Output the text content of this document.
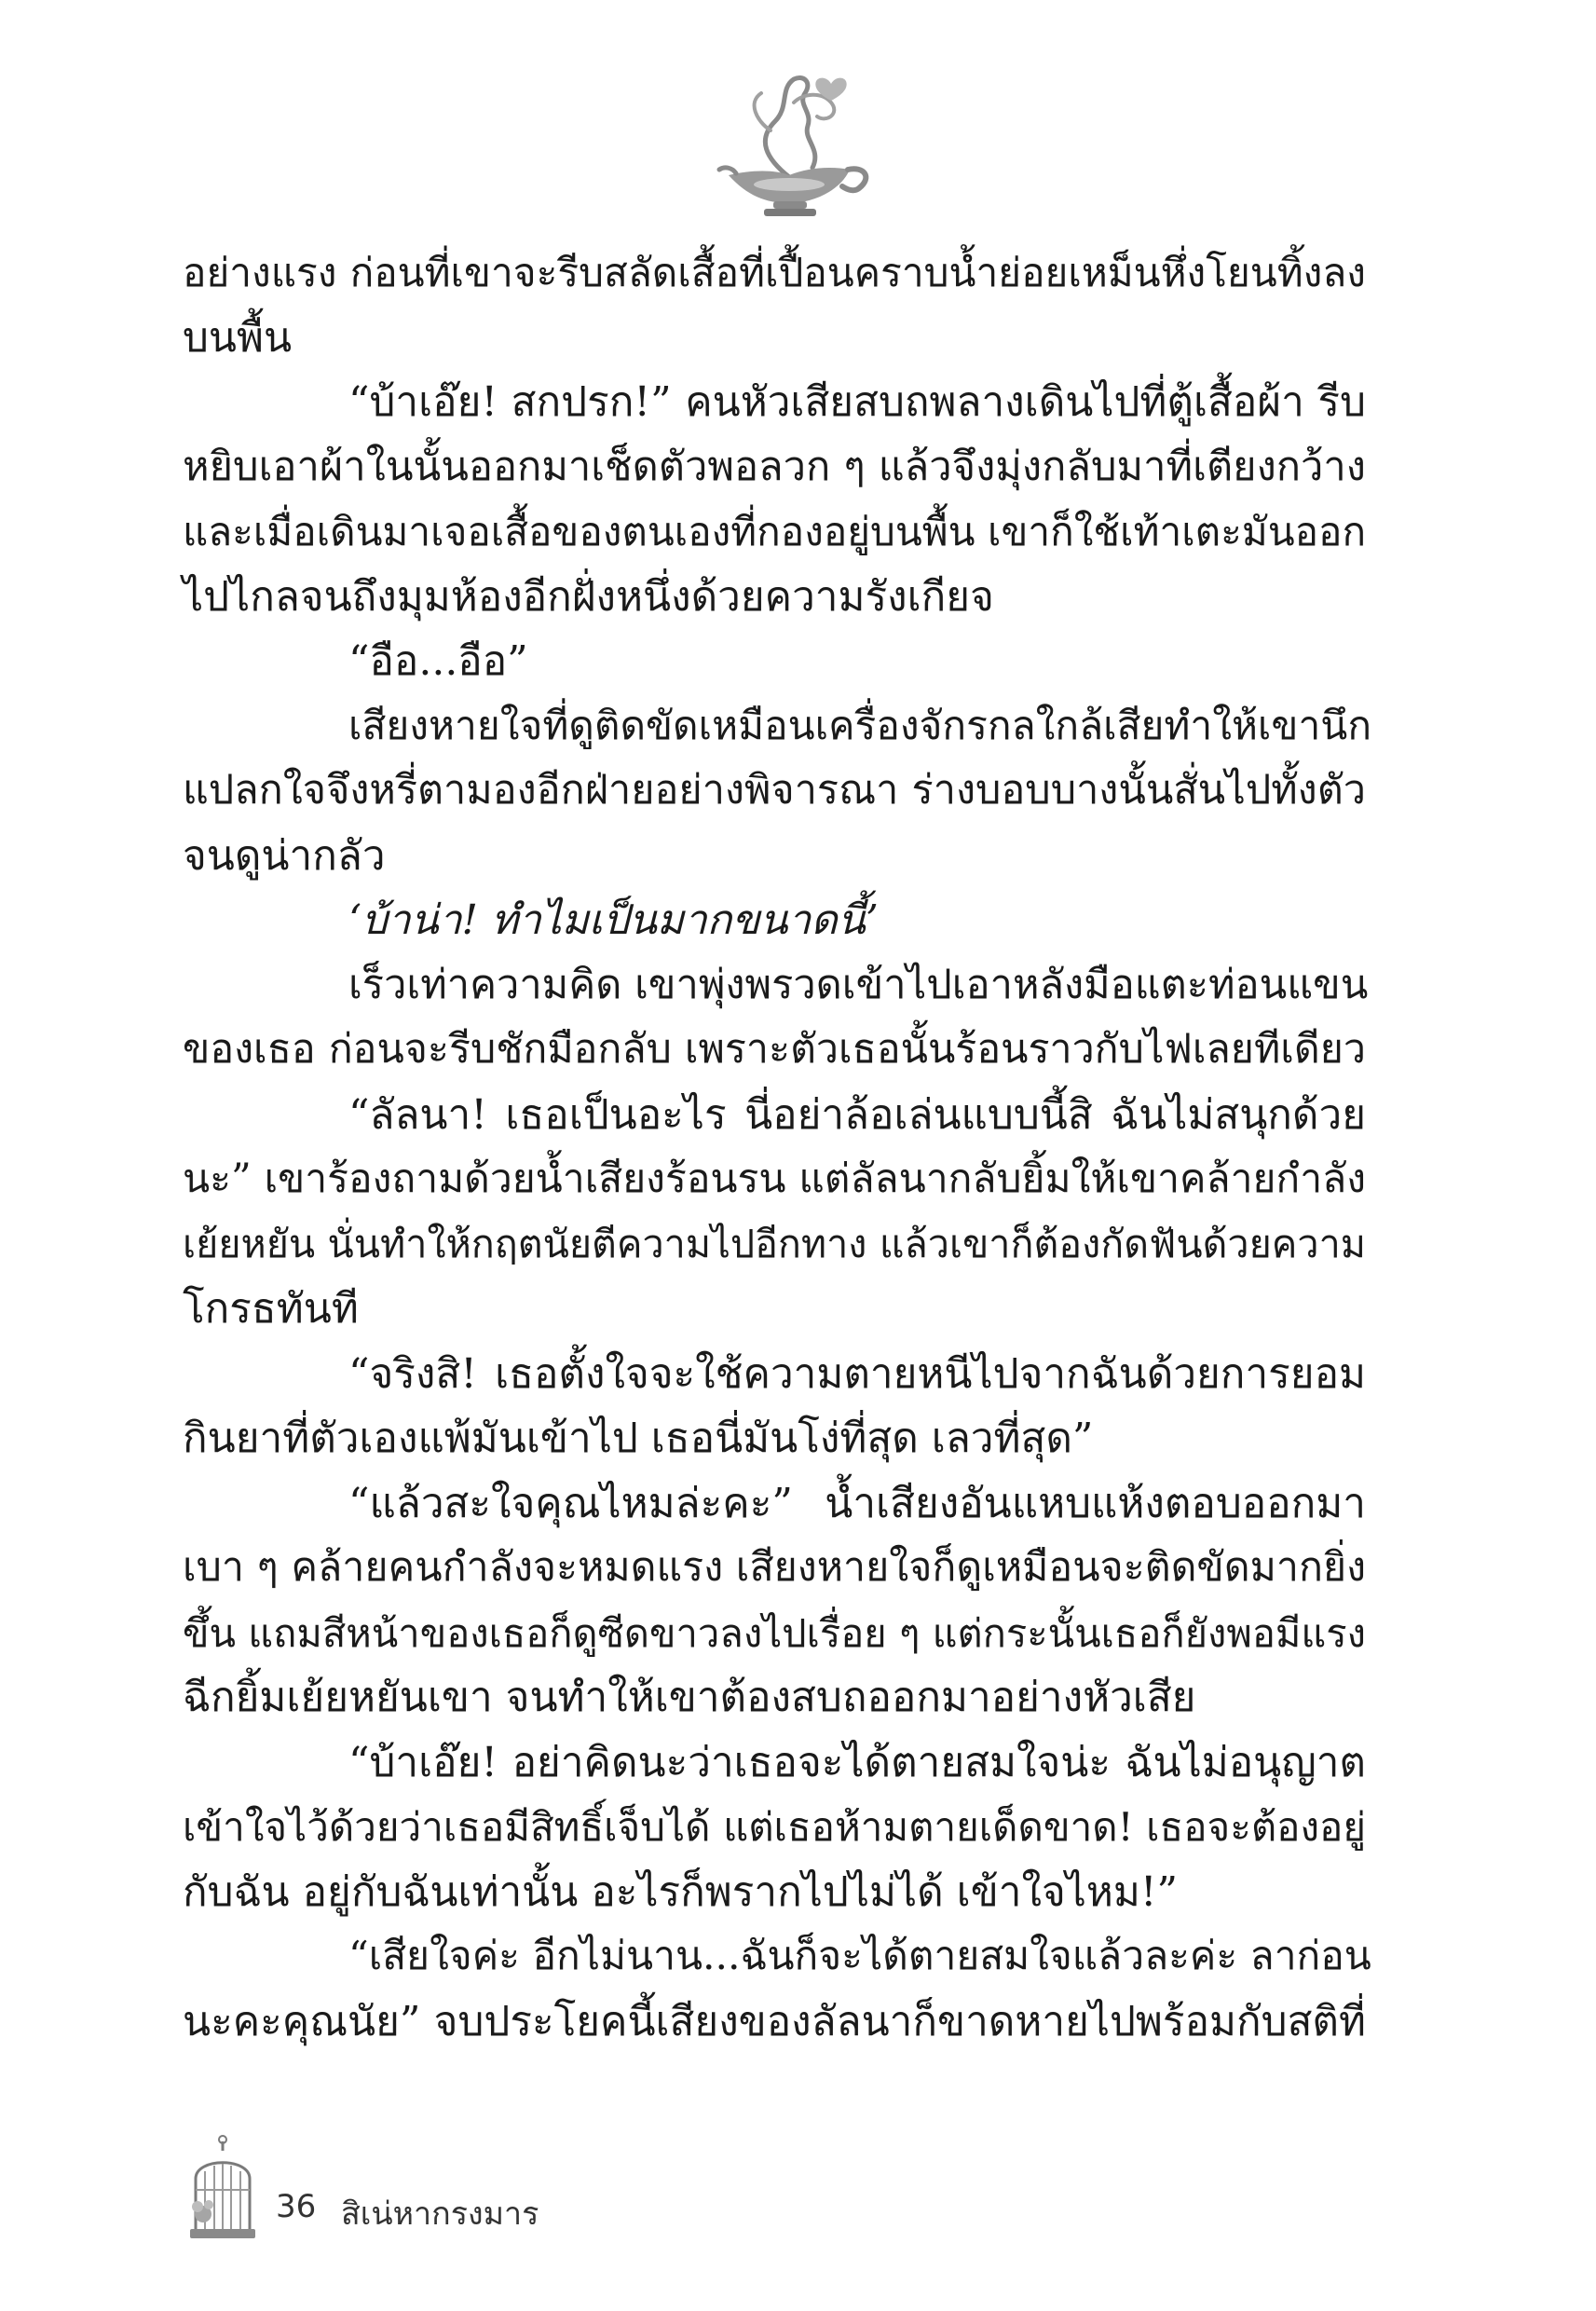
อย่างแรง ก่อนที่เขาจะรีบสลัดเสื้อที่เปื้อนคราบน้ำย่อยเหม็นหึ่งโยนทิ้งลง
บนพื้น
“บ้าเอ๊ย! สกปรก!” คนหัวเสียสบถพลางเดินไปที่ตู้เสื้อผ้า รีบ
หยิบเอาผ้าในนั้นออกมาเช็ดตัวพอลวก ๆ แล้วจึงมุ่งกลับมาที่เตียงกว้าง
และเมื่อเดินมาเจอเสื้อของตนเองที่กองอยู่บนพื้น เขาก็ใช้เท้าเตะมันออก
ไปไกลจนถึงมุมห้องอีกฝั่งหนึ่งด้วยความรังเกียจ
“อือ...อือ”
เสียงหายใจที่ดูติดขัดเหมือนเครื่องจักรกลใกล้เสียทำให้เขานึก
แปลกใจจึงหรี่ตามองอีกฝ่ายอย่างพิจารณา ร่างบอบบางนั้นสั่นไปทั้งตัว
จนดูน่ากลัว
‘บ้าน่า! ทำไมเป็นมากขนาดนี้’
เร็วเท่าความคิด เขาพุ่งพรวดเข้าไปเอาหลังมือแตะท่อนแขน
ของเธอ ก่อนจะรีบชักมือกลับ เพราะตัวเธอนั้นร้อนราวกับไฟเลยทีเดียว
“ลัลนา! เธอเป็นอะไร นี่อย่าล้อเล่นแบบนี้สิ ฉันไม่สนุกด้วย
นะ” เขาร้องถามด้วยน้ำเสียงร้อนรน แต่ลัลนากลับยิ้มให้เขาคล้ายกำลัง
เย้ยหยัน นั่นทำให้กฤตนัยตีความไปอีกทาง แล้วเขาก็ต้องกัดฟันด้วยความ
โกรธทันที
“จริงสิ! เธอตั้งใจจะใช้ความตายหนีไปจากฉันด้วยการยอม
กินยาที่ตัวเองแพ้มันเข้าไป เธอนี่มันโง่ที่สุด เลวที่สุด”
“แล้วสะใจคุณไหมล่ะคะ” น้ำเสียงอันแหบแห้งตอบออกมา
เบา ๆ คล้ายคนกำลังจะหมดแรง เสียงหายใจก็ดูเหมือนจะติดขัดมากยิ่ง
ขึ้น แถมสีหน้าของเธอก็ดูซีดขาวลงไปเรื่อย ๆ แต่กระนั้นเธอก็ยังพอมีแรง
ฉีกยิ้มเย้ยหยันเขา จนทำให้เขาต้องสบถออกมาอย่างหัวเสีย
“บ้าเอ๊ย! อย่าคิดนะว่าเธอจะได้ตายสมใจน่ะ ฉันไม่อนุญาต
เข้าใจไว้ด้วยว่าเธอมีสิทธิ์เจ็บได้ แต่เธอห้ามตายเด็ดขาด! เธอจะต้องอยู่
กับฉัน อยู่กับฉันเท่านั้น อะไรก็พรากไปไม่ได้ เข้าใจไหม!”
“เสียใจค่ะ อีกไม่นาน...ฉันก็จะได้ตายสมใจแล้วละค่ะ ลาก่อน
นะคะคุณนัย” จบประโยคนี้เสียงของลัลนาก็ขาดหายไปพร้อมกับสติที่
36 สิเน่หากรงมาร
